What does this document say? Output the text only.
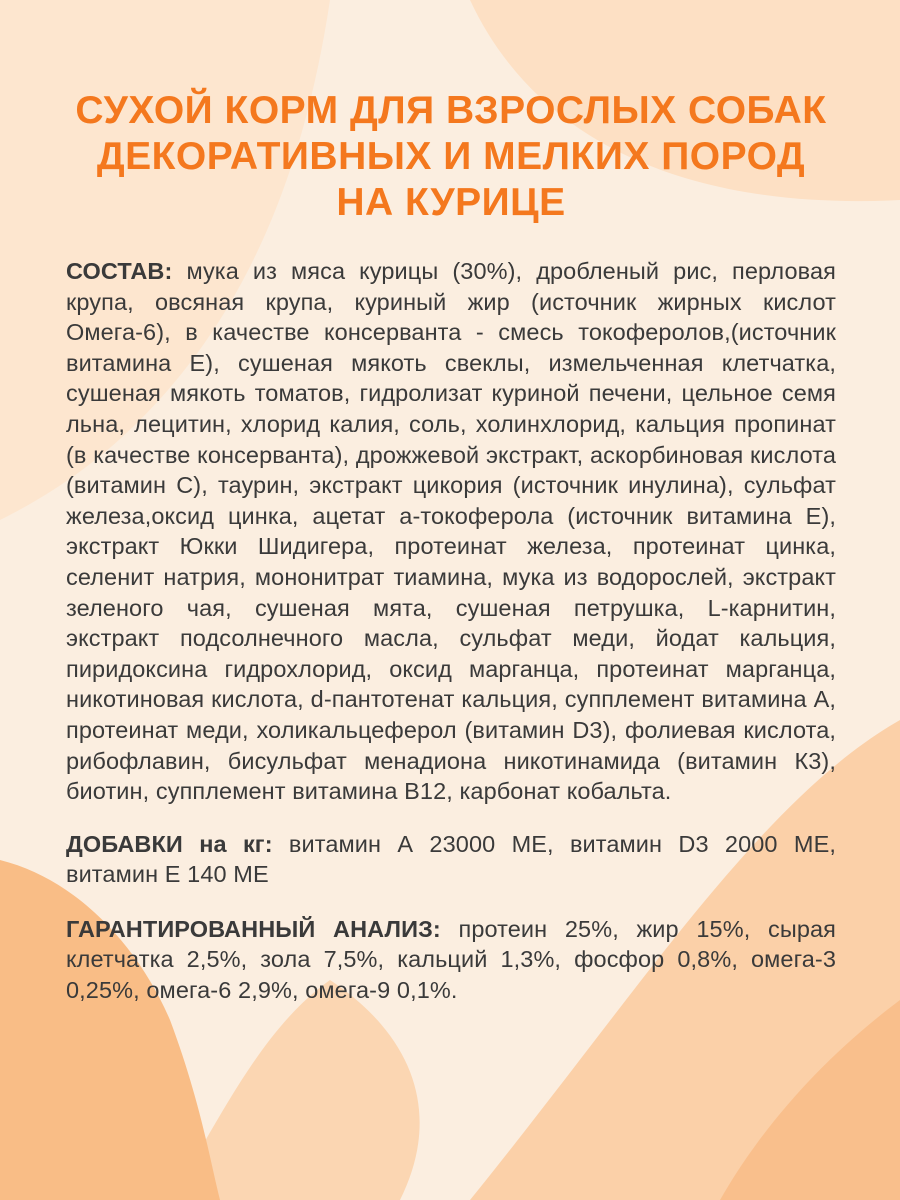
СУХОЙ КОРМ ДЛЯ ВЗРОСЛЫХ СОБАК
ДЕКОРАТИВНЫХ И МЕЛКИХ ПОРОД
НА КУРИЦЕ

СОСТАВ: мука из мяса курицы (30%), дробленый рис, перловая крупа, овсяная крупа, куриный жир (источник жирных кислот Омега-6), в качестве консерванта - смесь токоферолов,(источник витамина Е), сушеная мякоть свеклы, измельченная клетчатка, сушеная мякоть томатов, гидролизат куриной печени, цельное семя льна, лецитин, хлорид калия, соль, холинхлорид, кальция пропинат (в качестве консерванта), дрожжевой экстракт, аскорбиновая кислота (витамин С), таурин, экстракт цикория (источник инулина), сульфат железа,оксид цинка, ацетат a-токоферола (источник витамина Е), экстракт Юкки Шидигера, протеинат железа, протеинат цинка, селенит натрия, мононитрат тиамина, мука из водорослей, экстракт зеленого чая, сушеная мята, сушеная петрушка, L-карнитин, экстракт подсолнечного масла, сульфат меди, йодат кальция, пиридоксина гидрохлорид, оксид марганца, протеинат марганца, никотиновая кислота, d-пантотенат кальция, супплемент витамина А, протеинат меди, холикальцеферол (витамин D3), фолиевая кислота, рибофлавин, бисульфат менадиона никотинамида (витамин К3), биотин, супплемент витамина В12, карбонат кобальта.

ДОБАВКИ на кг: витамин А 23000 МЕ, витамин D3 2000 МЕ, витамин Е 140 МЕ

ГАРАНТИРОВАННЫЙ АНАЛИЗ: протеин 25%, жир 15%, сырая клетчатка 2,5%, зола 7,5%, кальций 1,3%, фосфор 0,8%, омега-3 0,25%, омега-6 2,9%, омега-9 0,1%.
